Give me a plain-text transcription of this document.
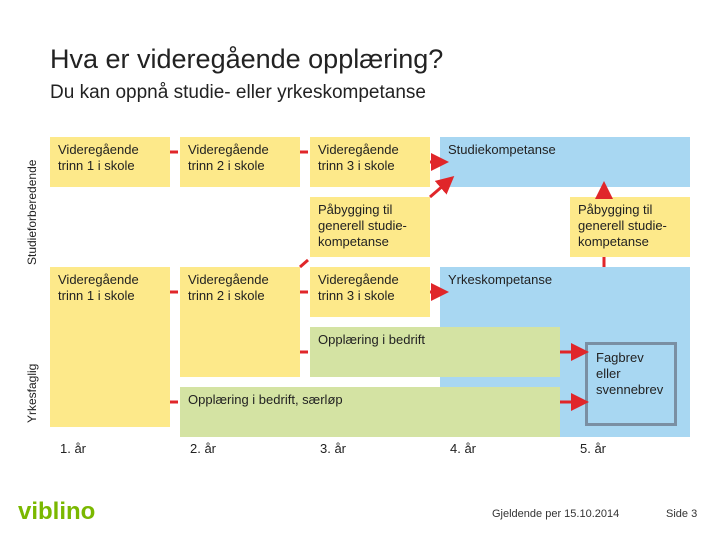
Hva er videregående opplæring?
Du kan oppnå studie- eller yrkeskompetanse
Studieforberedende
Yrkesfaglig
Studiekompetanse
Yrkeskompetanse
Videregående trinn 1 i skole
Videregående trinn 2 i skole
Videregående trinn 3 i skole
Påbygging til generell studie-kompetanse
Påbygging til generell studie-kompetanse
Videregående trinn 1 i skole
Videregående trinn 2 i skole
Videregående trinn 3 i skole
Opplæring i bedrift
Opplæring i bedrift, særløp
Fagbrev eller svennebrev
1. år	2. år	3. år	4. år	5. år
viblino	Gjeldende per 15.10.2014	Side 3
